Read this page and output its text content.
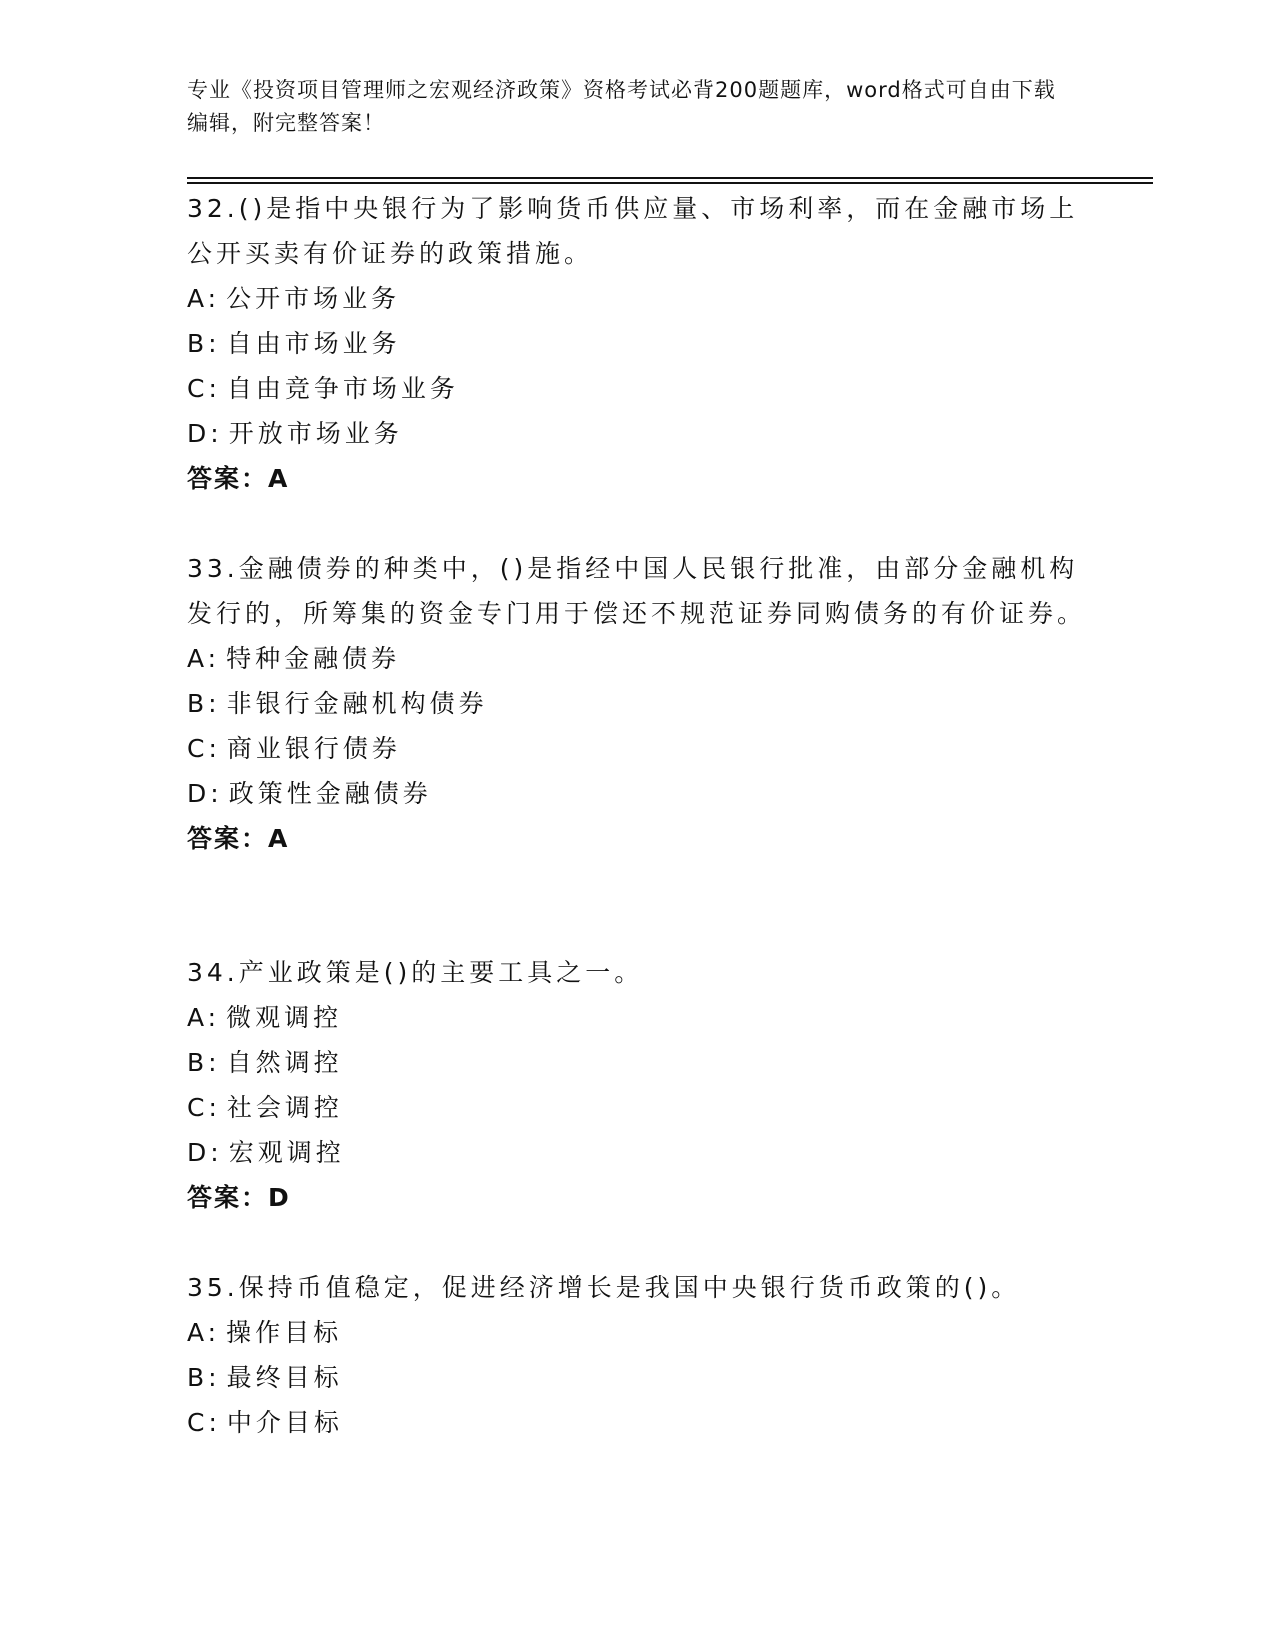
专业《投资项目管理师之宏观经济政策》资格考试必背200题题库，word格式可自由下载编辑，附完整答案！

32.()是指中央银行为了影响货币供应量、市场利率，而在金融市场上公开买卖有价证券的政策措施。

A: 公开市场业务
B: 自由市场业务
C: 自由竞争市场业务
D: 开放市场业务
答案：A

33.金融债券的种类中，()是指经中国人民银行批准，由部分金融机构发行的，所筹集的资金专门用于偿还不规范证券同购债务的有价证券。

A: 特种金融债券
B: 非银行金融机构债券
C: 商业银行债券
D: 政策性金融债券
答案：A

34.产业政策是()的主要工具之一。

A: 微观调控
B: 自然调控
C: 社会调控
D: 宏观调控
答案：D

35.保持币值稳定，促进经济增长是我国中央银行货币政策的()。

A: 操作目标
B: 最终目标
C: 中介目标
